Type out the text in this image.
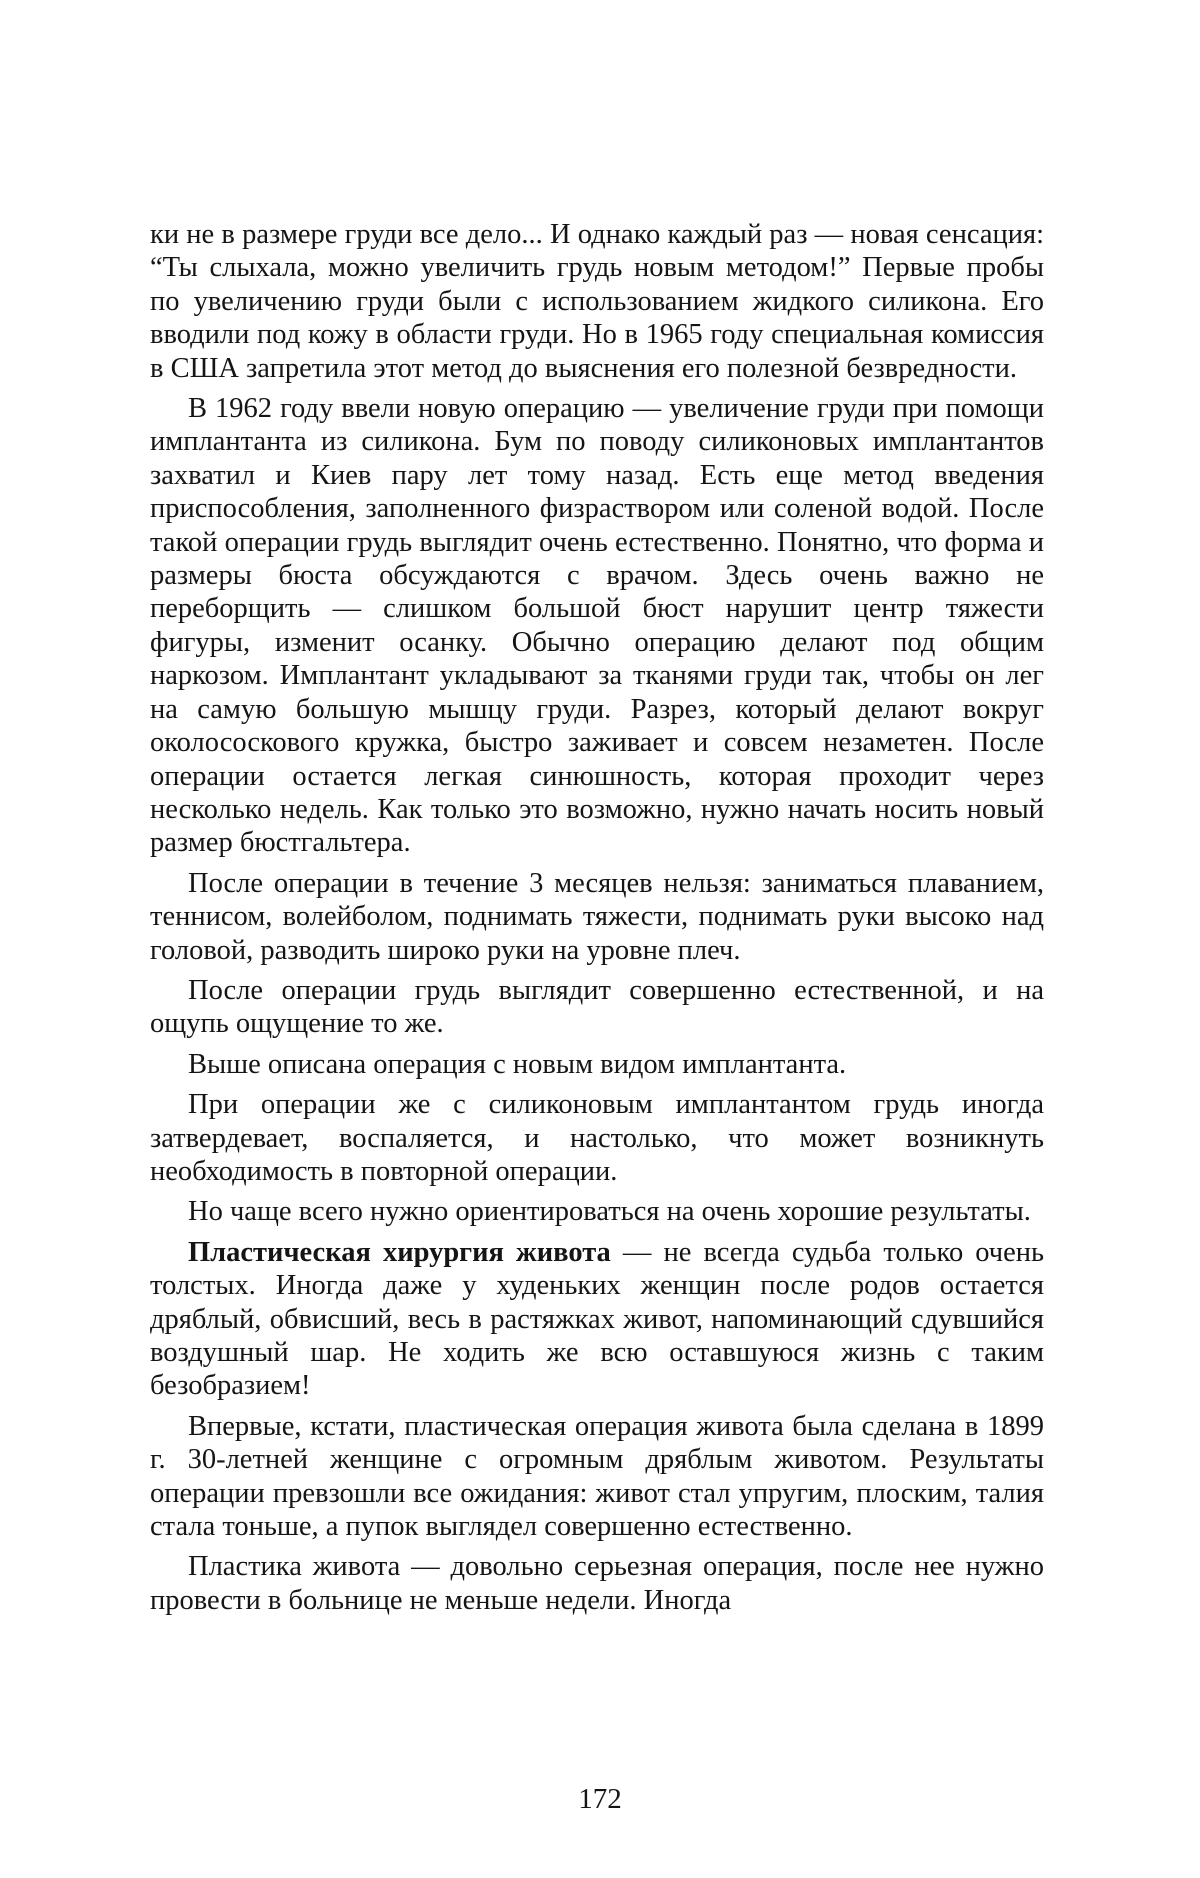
ки не в размере груди все дело... И однако каждый раз — новая сенсация: “Ты слыхала, можно увеличить грудь новым методом!” Первые пробы по увеличению груди были с использованием жидкого силикона. Его вводили под кожу в области груди. Но в 1965 году специальная комиссия в США запретила этот метод до выяснения его полезной безвредности.

В 1962 году ввели новую операцию — увеличение груди при помощи имплантанта из силикона. Бум по поводу силиконовых имплантантов захватил и Киев пару лет тому назад. Есть еще метод введения приспособления, заполненного физраствором или соленой водой. После такой операции грудь выглядит очень естественно. Понятно, что форма и размеры бюста обсуждаются с врачом. Здесь очень важно не переборщить — слишком большой бюст нарушит центр тяжести фигуры, изменит осанку. Обычно операцию делают под общим наркозом. Имплантант укладывают за тканями груди так, чтобы он лег на самую большую мышцу груди. Разрез, который делают вокруг околососкового кружка, быстро заживает и совсем незаметен. После операции остается легкая синюшность, которая проходит через несколько недель. Как только это возможно, нужно начать носить новый размер бюстгальтера.

После операции в течение 3 месяцев нельзя: заниматься плаванием, теннисом, волейболом, поднимать тяжести, поднимать руки высоко над головой, разводить широко руки на уровне плеч.

После операции грудь выглядит совершенно естественной, и на ощупь ощущение то же.

Выше описана операция с новым видом имплантанта.

При операции же с силиконовым имплантантом грудь иногда затвердевает, воспаляется, и настолько, что может возникнуть необходимость в повторной операции.

Но чаще всего нужно ориентироваться на очень хорошие результаты.

Пластическая хирургия живота — не всегда судьба только очень толстых. Иногда даже у худеньких женщин после родов остается дряблый, обвисший, весь в растяжках живот, напоминающий сдувшийся воздушный шар. Не ходить же всю оставшуюся жизнь с таким безобразием!

Впервые, кстати, пластическая операция живота была сделана в 1899 г. 30-летней женщине с огромным дряблым животом. Результаты операции превзошли все ожидания: живот стал упругим, плоским, талия стала тоньше, а пупок выглядел совершенно естественно.

Пластика живота — довольно серьезная операция, после нее нужно провести в больнице не меньше недели. Иногда

172
